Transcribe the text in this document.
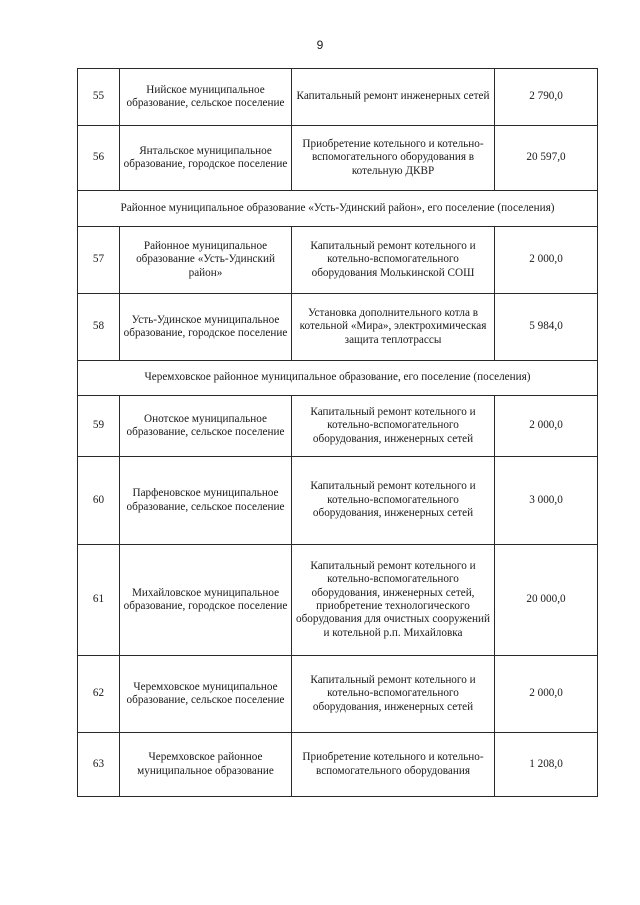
9
55	Нийское муниципальное образование, сельское поселение	Капитальный ремонт инженерных сетей	2 790,0
56	Янтальское муниципальное образование, городское поселение	Приобретение котельного и котельно-вспомогательного оборудования в котельную ДКВР	20 597,0
Районное муниципальное образование «Усть-Удинский район», его поселение (поселения)			
57	Районное муниципальное образование «Усть-Удинский район»	Капитальный ремонт котельного и котельно-вспомогательного оборудования Молькинской СОШ	2 000,0
58	Усть-Удинское муниципальное образование, городское поселение	Установка дополнительного котла в котельной «Мира», электрохимическая защита теплотрассы	5 984,0
Черемховское районное муниципальное образование, его поселение (поселения)			
59	Онотское муниципальное образование, сельское поселение	Капитальный ремонт котельного и котельно-вспомогательного оборудования, инженерных сетей	2 000,0
60	Парфеновское муниципальное образование, сельское поселение	Капитальный ремонт котельного и котельно-вспомогательного оборудования, инженерных сетей	3 000,0
61	Михайловское муниципальное образование, городское поселение	Капитальный ремонт котельного и котельно-вспомогательного оборудования, инженерных сетей, приобретение технологического оборудования для очистных сооружений и котельной р.п. Михайловка	20 000,0
62	Черемховское муниципальное образование, сельское поселение	Капитальный ремонт котельного и котельно-вспомогательного оборудования, инженерных сетей	2 000,0
63	Черемховское районное муниципальное образование	Приобретение котельного и котельно-вспомогательного оборудования	1 208,0
